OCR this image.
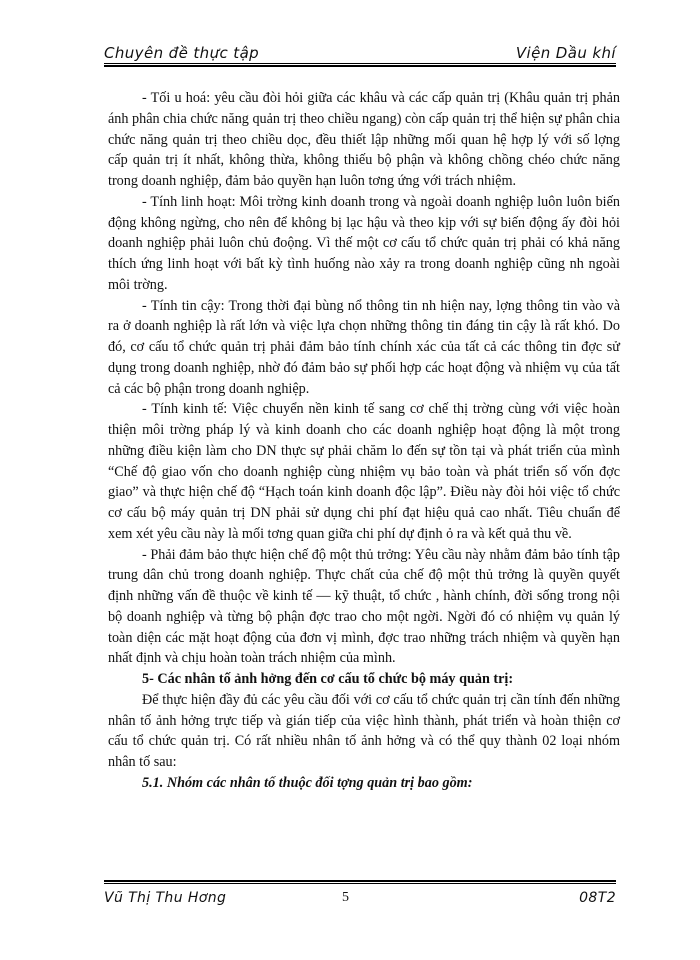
Chuyên đề thực tập	Viện Dầu khí

- Tối u hoá: yêu cầu đòi hỏi giữa các khâu và các cấp quản trị (Khâu quản trị phản ánh phân chia chức năng quản trị theo chiều ngang) còn cấp quản trị thể hiện sự phân chia chức năng quản trị theo chiều dọc, đều thiết lập những mối quan hệ hợp lý với số lợng cấp quản trị ít nhất, không thừa, không thiếu bộ phận và không chồng chéo chức năng trong doanh nghiệp, đảm bảo quyền hạn luôn tơng ứng với trách nhiệm.

- Tính linh hoạt: Môi trờng kinh doanh trong và ngoài doanh nghiệp luôn luôn biến động không ngừng, cho nên để không bị lạc hậu và theo kịp với sự biến động ấy đòi hỏi doanh nghiệp phải luôn chủ đoộng. Vì thế một cơ cấu tổ chức quản trị phải có khả năng thích ứng linh hoạt với bất kỳ tình huống nào xảy ra trong doanh nghiệp cũng nh ngoài môi trờng.

- Tính tin cậy: Trong thời đại bùng nổ thông tin nh hiện nay, lợng thông tin vào và ra ở doanh nghiệp là rất lớn và việc lựa chọn những thông tin đáng tin cậy là rất khó. Do đó, cơ cấu tổ chức quản trị phải đảm bảo tính chính xác của tất cả các thông tin đợc sử dụng trong doanh nghiệp, nhờ đó đảm bảo sự phối hợp các hoạt động và nhiệm vụ của tất cả các bộ phận trong doanh nghiệp.

- Tính kinh tế: Việc chuyển nền kinh tế sang cơ chế thị trờng cùng với việc hoàn thiện môi trờng pháp lý và kinh doanh cho các doanh nghiệp hoạt động là một trong những điều kiện làm cho DN thực sự phải chăm lo đến sự tồn tại và phát triển của mình “Chế độ giao vốn cho doanh nghiệp cùng nhiệm vụ bảo toàn và phát triển số vốn đợc giao” và thực hiện chế độ “Hạch toán kinh doanh độc lập”. Điều này đòi hỏi việc tổ chức cơ cấu bộ máy quản trị DN phải sử dụng chi phí đạt hiệu quả cao nhất. Tiêu chuẩn để xem xét yêu cầu này là mối tơng quan giữa chi phí dự định ỏ ra và kết quả thu về.

- Phải đảm bảo thực hiện chế độ một thủ trởng: Yêu cầu này nhằm đảm bảo tính tập trung dân chủ trong doanh nghiệp. Thực chất của chế độ một thủ trởng là quyền quyết định những vấn đề thuộc về kinh tế — kỹ thuật, tổ chức , hành chính, đời sống trong nội bộ doanh nghiệp và từng bộ phận đợc trao cho một ngời. Ngời đó có nhiệm vụ quản lý toàn diện các mặt hoạt động của đơn vị mình, đợc trao những trách nhiệm và quyền hạn nhất định và chịu hoàn toàn trách nhiệm của mình.

5- Các nhân tố ảnh hởng đến cơ cấu tổ chức bộ máy quản trị:

Để thực hiện đầy đủ các yêu cầu đối với cơ cấu tổ chức quản trị cần tính đến những nhân tố ảnh hởng trực tiếp và gián tiếp của việc hình thành, phát triển và hoàn thiện cơ cấu tổ chức quản trị. Có rất nhiều nhân tố ảnh hởng và có thể quy thành 02 loại nhóm nhân tố sau:

5.1. Nhóm các nhân tố thuộc đối tợng quản trị bao gồm:

Vũ Thị Thu Hơng	5	08T2
